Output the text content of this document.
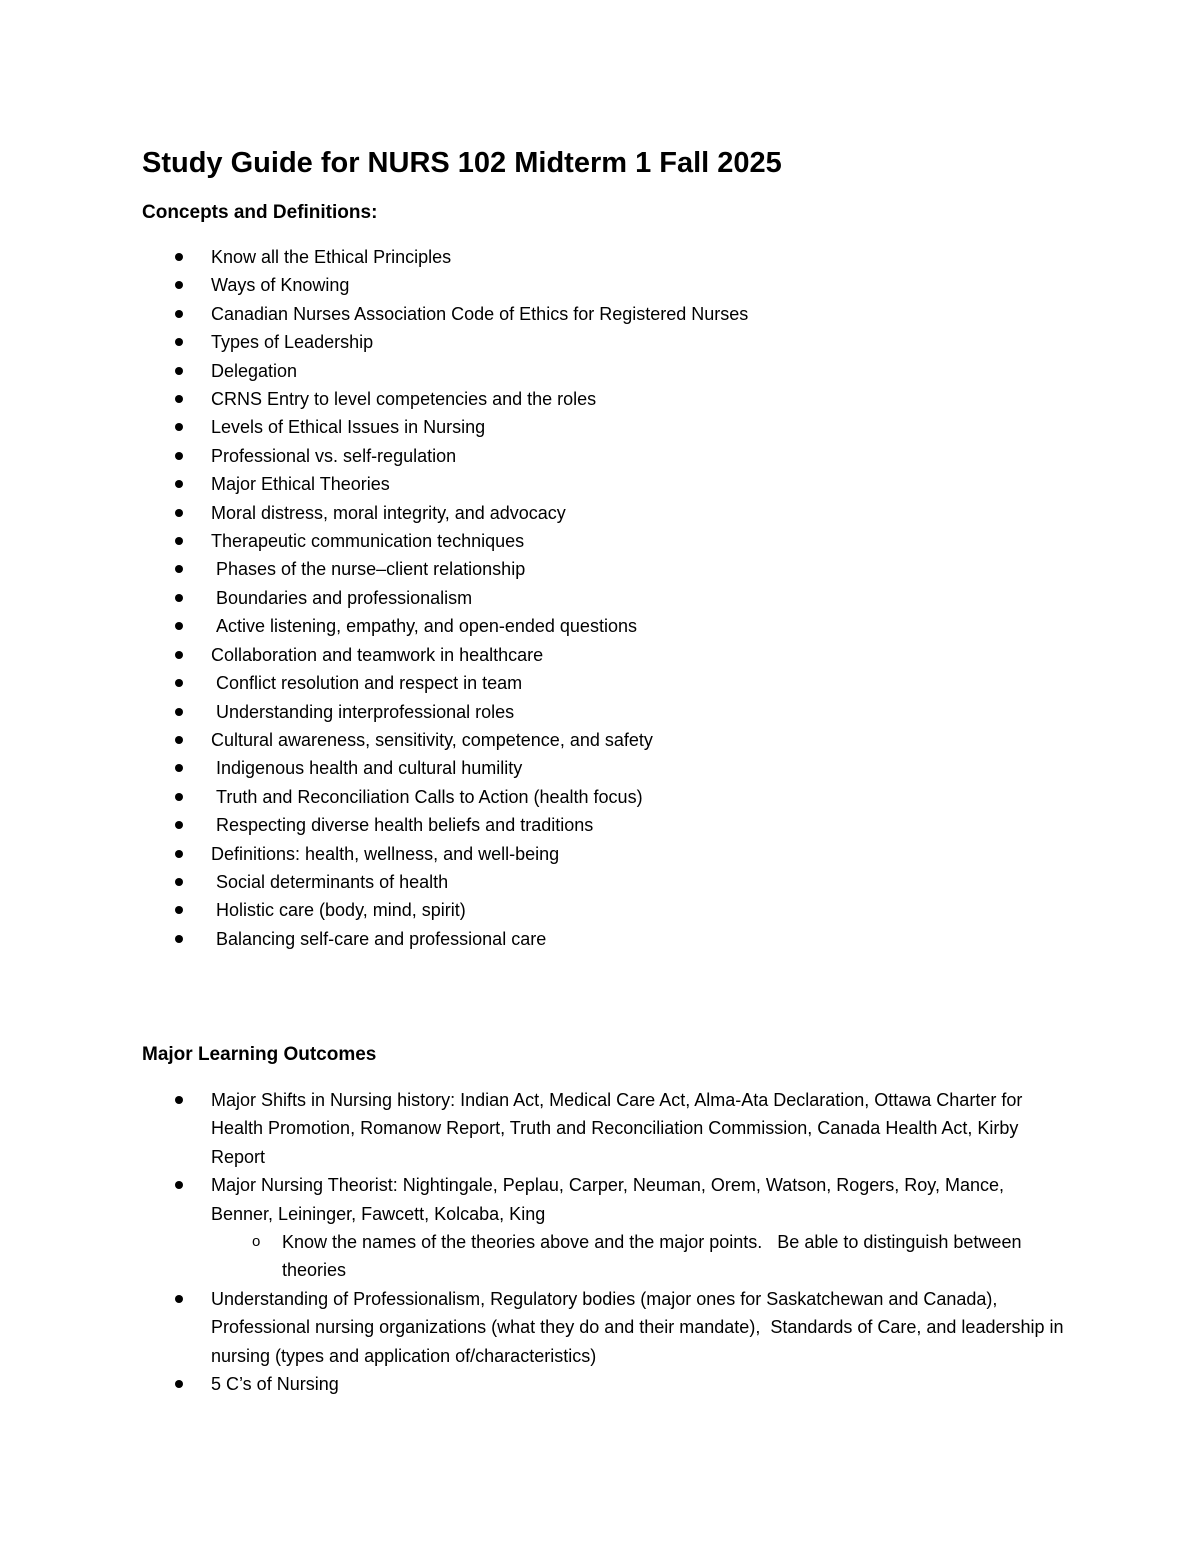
Study Guide for NURS 102 Midterm 1 Fall 2025
Concepts and Definitions:
Know all the Ethical Principles
Ways of Knowing
Canadian Nurses Association Code of Ethics for Registered Nurses
Types of Leadership
Delegation
CRNS Entry to level competencies and the roles
Levels of Ethical Issues in Nursing
Professional vs. self-regulation
Major Ethical Theories
Moral distress, moral integrity, and advocacy
Therapeutic communication techniques
Phases of the nurse–client relationship
Boundaries and professionalism
Active listening, empathy, and open-ended questions
Collaboration and teamwork in healthcare
Conflict resolution and respect in team
Understanding interprofessional roles
Cultural awareness, sensitivity, competence, and safety
Indigenous health and cultural humility
Truth and Reconciliation Calls to Action (health focus)
Respecting diverse health beliefs and traditions
Definitions: health, wellness, and well-being
Social determinants of health
Holistic care (body, mind, spirit)
Balancing self-care and professional care
Major Learning Outcomes
Major Shifts in Nursing history: Indian Act, Medical Care Act, Alma-Ata Declaration, Ottawa Charter for Health Promotion, Romanow Report, Truth and Reconciliation Commission, Canada Health Act, Kirby Report
Major Nursing Theorist: Nightingale, Peplau, Carper, Neuman, Orem, Watson, Rogers, Roy, Mance, Benner, Leininger, Fawcett, Kolcaba, King
o Know the names of the theories above and the major points.   Be able to distinguish between theories
Understanding of Professionalism, Regulatory bodies (major ones for Saskatchewan and Canada), Professional nursing organizations (what they do and their mandate),  Standards of Care, and leadership in nursing (types and application of/characteristics)
5 C’s of Nursing
